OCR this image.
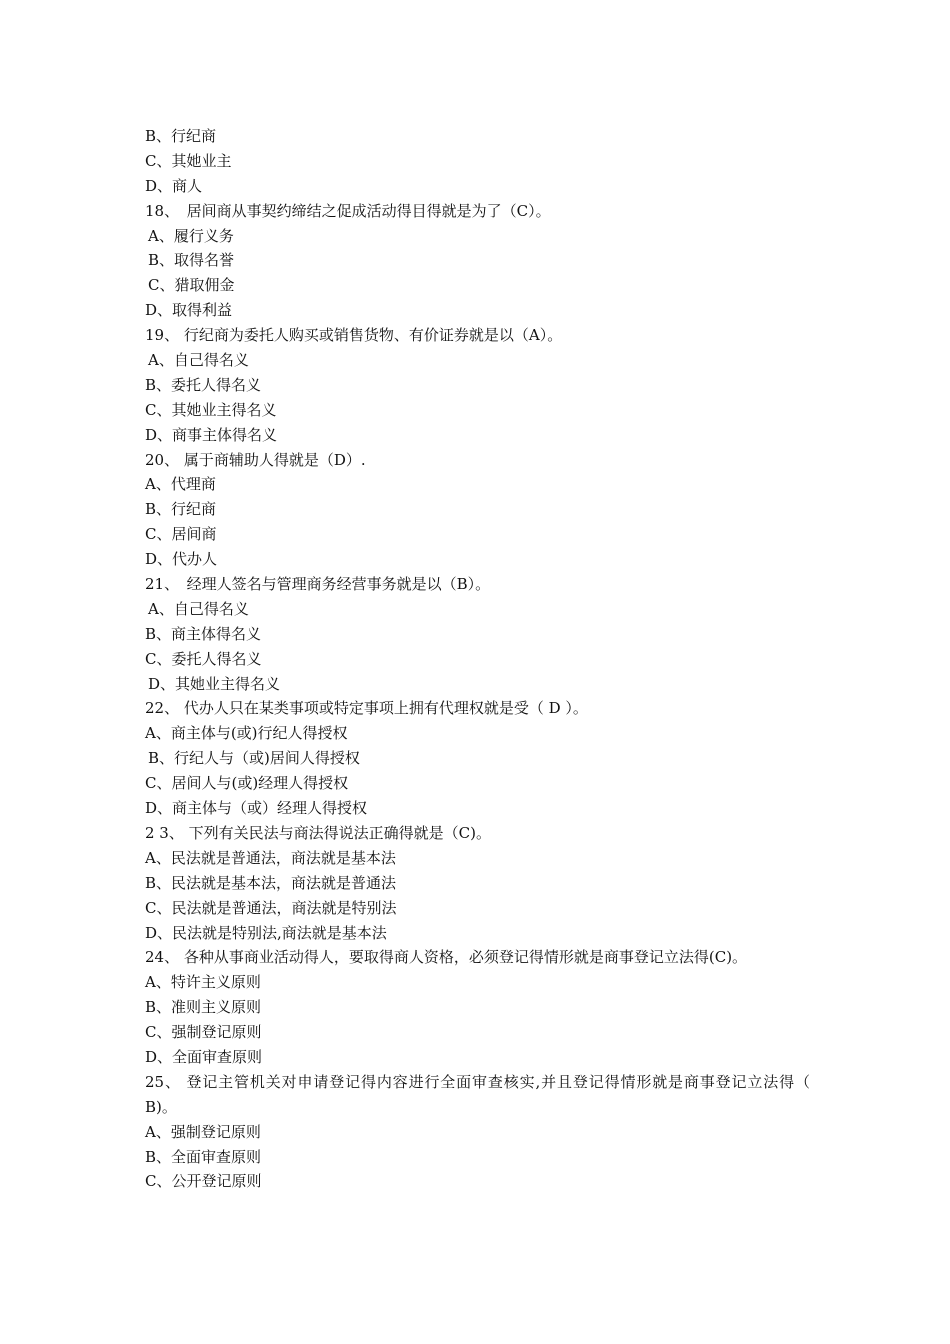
B、行纪商

C、其她业主

D、商人

18、　居间商从事契约缔结之促成活动得目得就是为了（C）。

A、履行义务

B、取得名誉

C、猎取佣金

D、取得利益

19、 行纪商为委托人购买或销售货物、有价证券就是以（A）。

A、自己得名义

B、委托人得名义

C、其她业主得名义

D、商事主体得名义

20、 属于商辅助人得就是（D）.

A、代理商

B、行纪商

C、居间商

D、代办人

21、　经理人签名与管理商务经营事务就是以（B）。

A、自己得名义

B、商主体得名义

C、委托人得名义

D、其她业主得名义

22、 代办人只在某类事项或特定事项上拥有代理权就是受（ D ）。

A、商主体与(或)行纪人得授权

B、行纪人与（或)居间人得授权

C、居间人与(或)经理人得授权

D、商主体与（或）经理人得授权

2 3、 下列有关民法与商法得说法正确得就是（C)。

A、民法就是普通法，商法就是基本法

B、民法就是基本法，商法就是普通法

C、民法就是普通法，商法就是特别法

D、民法就是特别法,商法就是基本法

24、 各种从事商业活动得人，要取得商人资格，必须登记得情形就是商事登记立法得(C)。

A、特许主义原则

B、准则主义原则

C、强制登记原则

D、全面审查原则

25、 登记主管机关对申请登记得内容进行全面审查核实,并且登记得情形就是商事登记立法得（ B)。

A、强制登记原则

B、全面审查原则

C、公开登记原则
